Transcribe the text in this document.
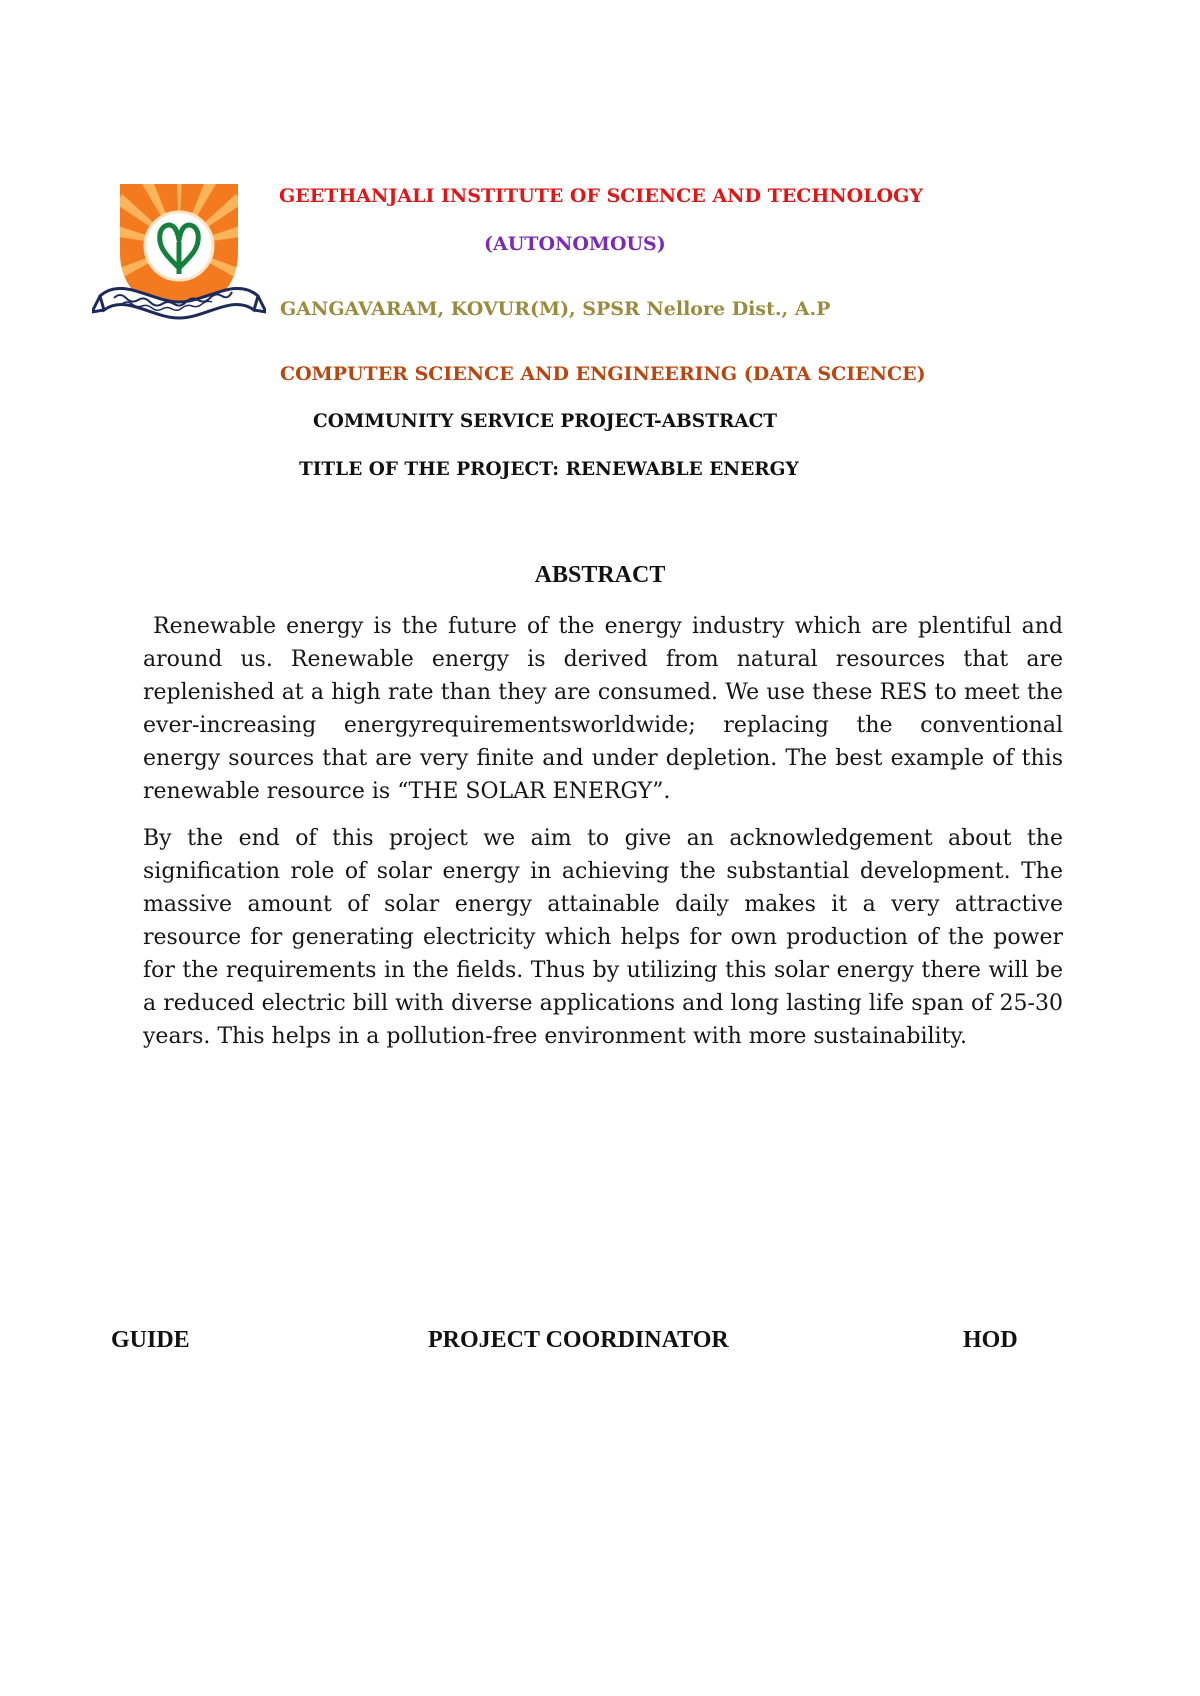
GEETHANJALI INSTITUTE OF SCIENCE AND TECHNOLOGY
(AUTONOMOUS)
GANGAVARAM, KOVUR(M), SPSR Nellore Dist., A.P
COMPUTER SCIENCE AND ENGINEERING (DATA SCIENCE)
COMMUNITY SERVICE PROJECT-ABSTRACT
TITLE OF THE PROJECT: RENEWABLE ENERGY
ABSTRACT

Renewable energy is the future of the energy industry which are plentiful and around us. Renewable energy is derived from natural resources that are replenished at a high rate than they are consumed. We use these RES to meet the ever-increasing energyrequirementsworldwide; replacing the conventional energy sources that are very finite and under depletion. The best example of this renewable resource is “THE SOLAR ENERGY”.

By the end of this project we aim to give an acknowledgement about the signification role of solar energy in achieving the substantial development. The massive amount of solar energy attainable daily makes it a very attractive resource for generating electricity which helps for own production of the power for the requirements in the fields. Thus by utilizing this solar energy there will be a reduced electric bill with diverse applications and long lasting life span of 25-30 years. This helps in a pollution-free environment with more sustainability.

GUIDE	PROJECT COORDINATOR	HOD
